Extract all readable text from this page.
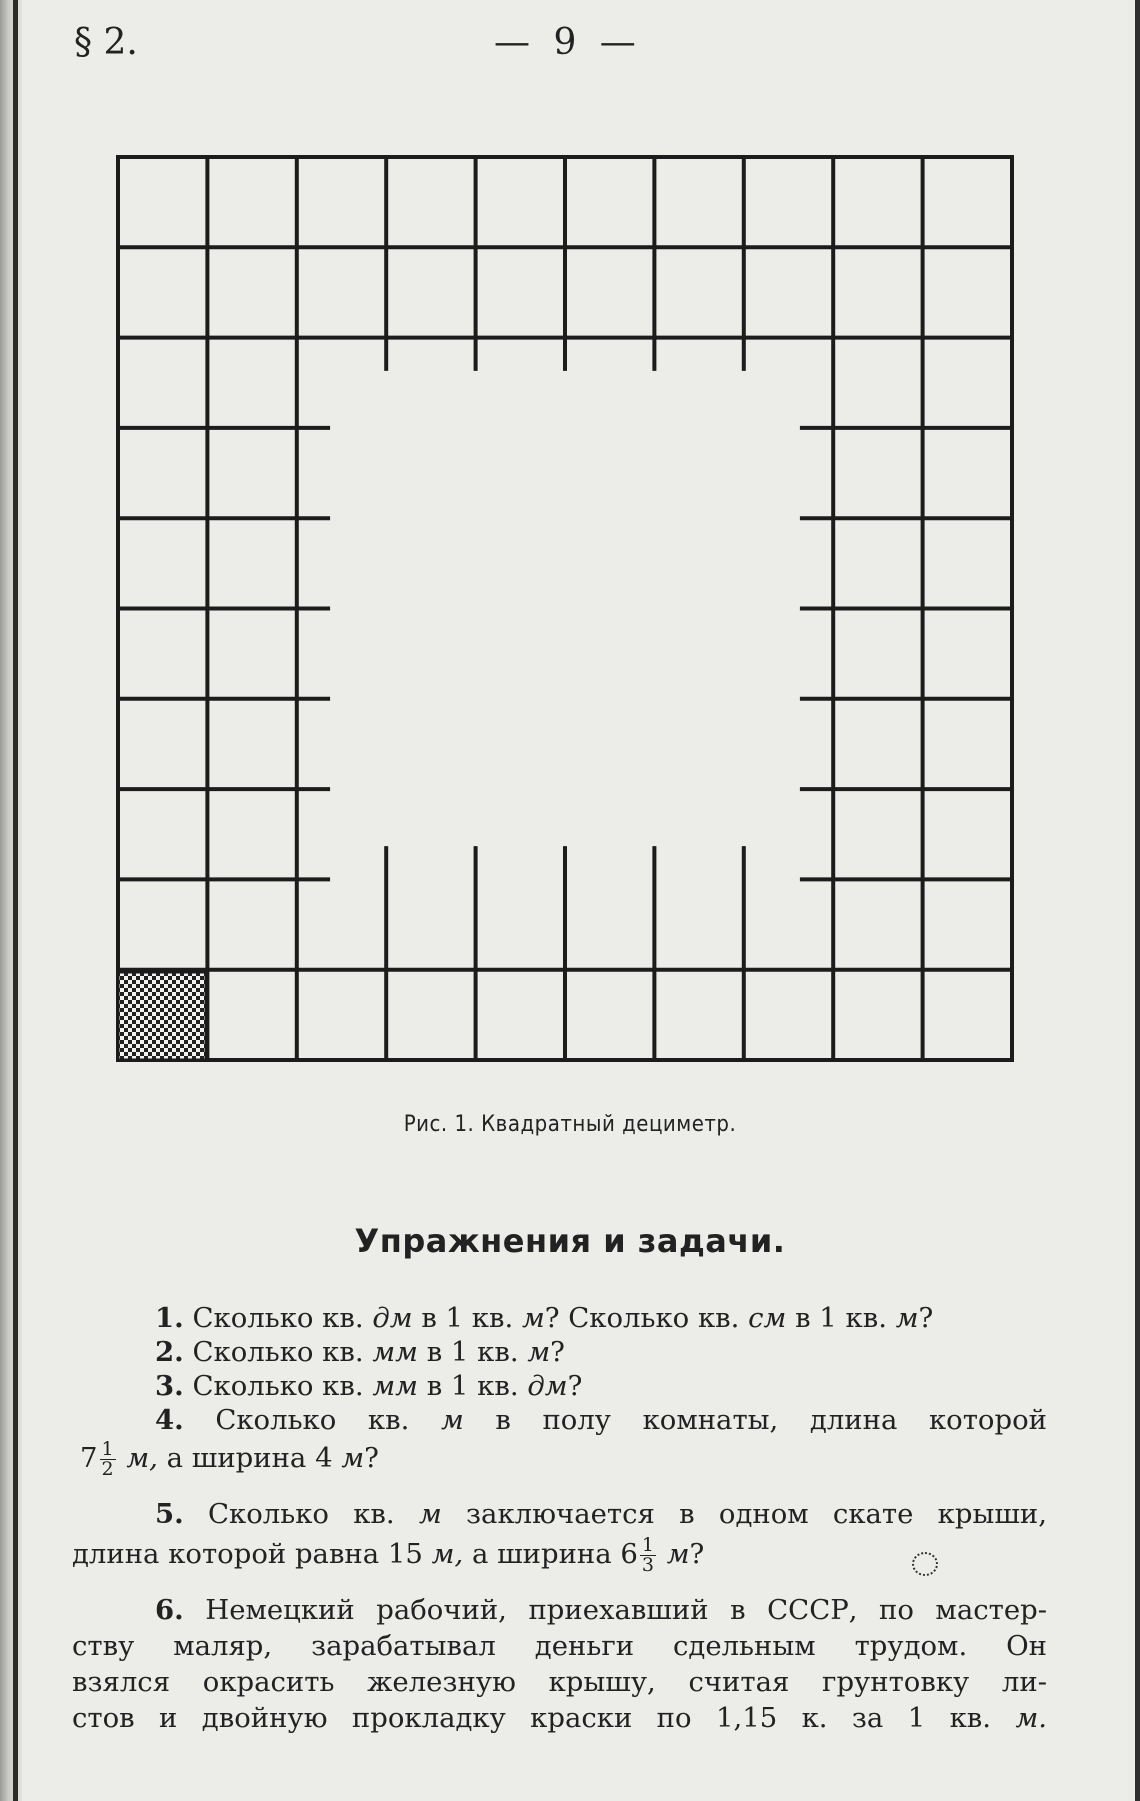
§ 2.	— 9 —
Рис. 1. Квадратный дециметр.
Упражнения и задачи.
1. Сколько кв. дм в 1 кв. м? Сколько кв. см в 1 кв. м?
2. Сколько кв. мм в 1 кв. м?
3. Сколько кв. мм в 1 кв. дм?
4. Сколько кв. м в полу комнаты, длина которой
$7 \frac{1}{2} м$, а ширина 4 м?
5. Сколько кв. м заключается в одном скате крыши,
длина которой равна 15 м, а ширина $6 \frac{1}{3} м$?
6. Немецкий рабочий, приехавший в СССР, по мастер-
ству маляр, зарабатывал деньги сдельным трудом. Он
взялся окрасить железную крышу, считая грунтовку ли-
стов и двойную прокладку краски по 1,15 к. за 1 кв. м.
